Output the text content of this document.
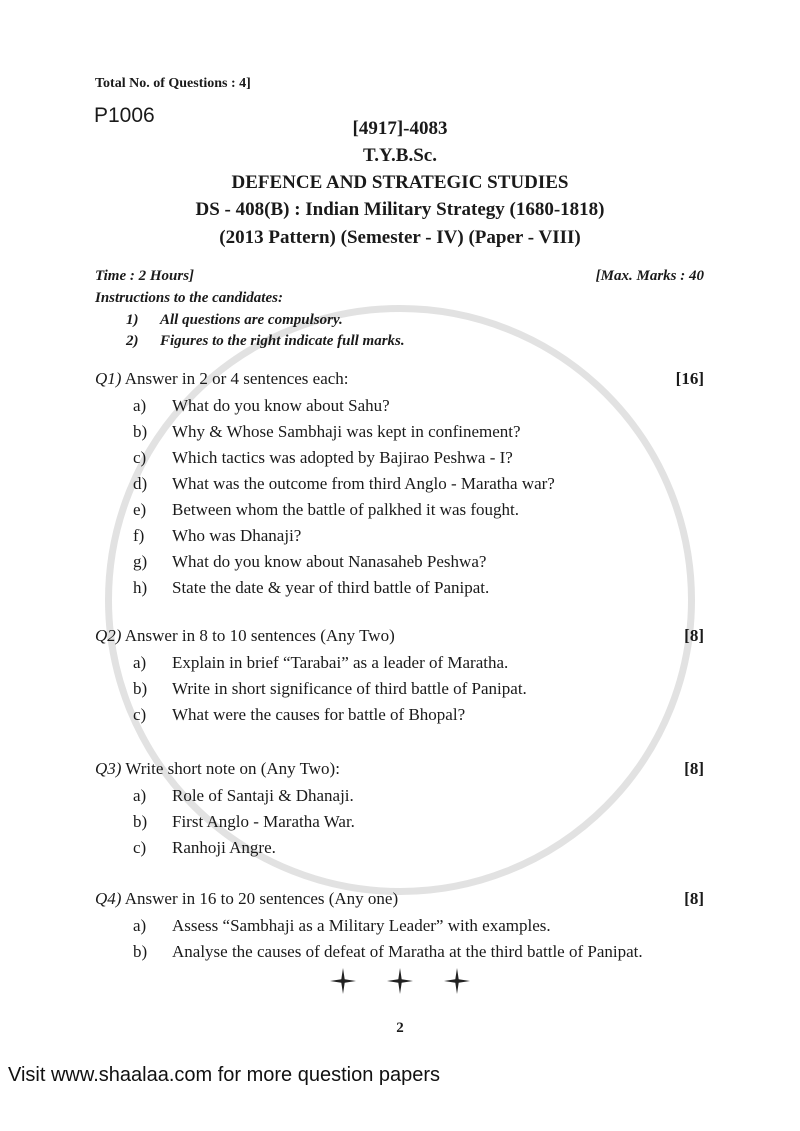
Total No. of Questions : 4]
P1006
[4917]-4083
T.Y.B.Sc.
DEFENCE AND STRATEGIC STUDIES
DS - 408(B) : Indian Military Strategy (1680-1818)
(2013 Pattern) (Semester - IV) (Paper - VIII)
Time : 2 Hours]	[Max. Marks : 40
Instructions to the candidates:
1) All questions are compulsory.
2) Figures to the right indicate full marks.
Q1) Answer in 2 or 4 sentences each:	[16]
a) What do you know about Sahu?
b) Why & Whose Sambhaji was kept in confinement?
c) Which tactics was adopted by Bajirao Peshwa - I?
d) What was the outcome from third Anglo - Maratha war?
e) Between whom the battle of palkhed it was fought.
f) Who was Dhanaji?
g) What do you know about Nanasaheb Peshwa?
h) State the date & year of third battle of Panipat.
Q2) Answer in 8 to 10 sentences (Any Two)	[8]
a) Explain in brief “Tarabai” as a leader of Maratha.
b) Write in short significance of third battle of Panipat.
c) What were the causes for battle of Bhopal?
Q3) Write short note on (Any Two):	[8]
a) Role of Santaji & Dhanaji.
b) First Anglo - Maratha War.
c) Ranhoji Angre.
Q4) Answer in 16 to 20 sentences (Any one)	[8]
a) Assess “Sambhaji as a Military Leader” with examples.
b) Analyse the causes of defeat of Maratha at the third battle of Panipat.
2
Visit www.shaalaa.com for more question papers
